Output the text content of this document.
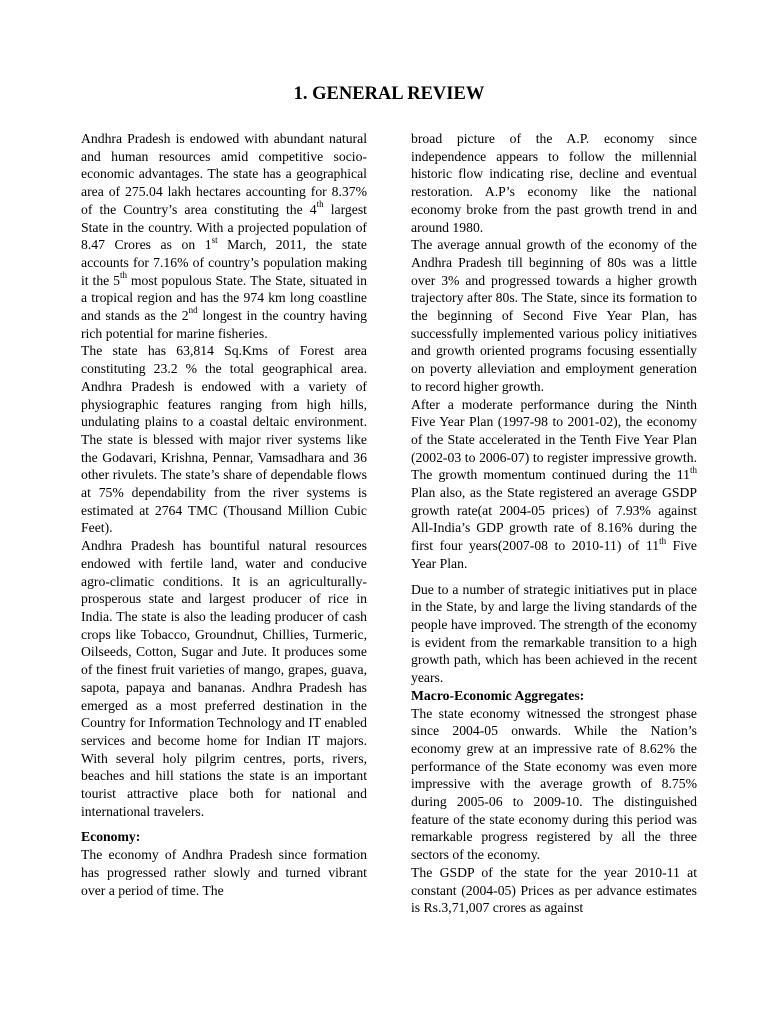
1. GENERAL REVIEW

Andhra Pradesh is endowed with abundant natural and human resources amid competitive socio-economic advantages. The state has a geographical area of 275.04 lakh hectares accounting for 8.37% of the Country’s area constituting the 4th largest State in the country. With a projected population of 8.47 Crores as on 1st March, 2011, the state accounts for 7.16% of country’s population making it the 5th most populous State. The State, situated in a tropical region and has the 974 km long coastline and stands as the 2nd longest in the country having rich potential for marine fisheries.

The state has 63,814 Sq.Kms of Forest area constituting 23.2 % the total geographical area. Andhra Pradesh is endowed with a variety of physiographic features ranging from high hills, undulating plains to a coastal deltaic environment. The state is blessed with major river systems like the Godavari, Krishna, Pennar, Vamsadhara and 36 other rivulets. The state’s share of dependable flows at 75% dependability from the river systems is estimated at 2764 TMC (Thousand Million Cubic Feet).

Andhra Pradesh has bountiful natural resources endowed with fertile land, water and conducive agro-climatic conditions. It is an agriculturally-prosperous state and largest producer of rice in India. The state is also the leading producer of cash crops like Tobacco, Groundnut, Chillies, Turmeric, Oilseeds, Cotton, Sugar and Jute. It produces some of the finest fruit varieties of mango, grapes, guava, sapota, papaya and bananas. Andhra Pradesh has emerged as a most preferred destination in the Country for Information Technology and IT enabled services and become home for Indian IT majors. With several holy pilgrim centres, ports, rivers, beaches and hill stations the state is an important tourist attractive place both for national and international travelers.

Economy:

The economy of Andhra Pradesh since formation has progressed rather slowly and turned vibrant over a period of time. The

broad picture of the A.P. economy since independence appears to follow the millennial historic flow indicating rise, decline and eventual restoration. A.P’s economy like the national economy broke from the past growth trend in and around 1980.

The average annual growth of the economy of the Andhra Pradesh till beginning of 80s was a little over 3% and progressed towards a higher growth trajectory after 80s. The State, since its formation to the beginning of Second Five Year Plan, has successfully implemented various policy initiatives and growth oriented programs focusing essentially on poverty alleviation and employment generation to record higher growth.

After a moderate performance during the Ninth Five Year Plan (1997-98 to 2001-02), the economy of the State accelerated in the Tenth Five Year Plan (2002-03 to 2006-07) to register impressive growth. The growth momentum continued during the 11th Plan also, as the State registered an average GSDP growth rate(at 2004-05 prices) of 7.93% against All-India’s GDP growth rate of 8.16% during the first four years(2007-08 to 2010-11) of 11th Five Year Plan.

Due to a number of strategic initiatives put in place in the State, by and large the living standards of the people have improved. The strength of the economy is evident from the remarkable transition to a high growth path, which has been achieved in the recent years.

Macro-Economic Aggregates:

The state economy witnessed the strongest phase since 2004-05 onwards. While the Nation’s economy grew at an impressive rate of 8.62% the performance of the State economy was even more impressive with the average growth of 8.75% during 2005-06 to 2009-10. The distinguished feature of the state economy during this period was remarkable progress registered by all the three sectors of the economy.

The GSDP of the state for the year 2010-11 at constant (2004-05) Prices as per advance estimates is Rs.3,71,007 crores as against
